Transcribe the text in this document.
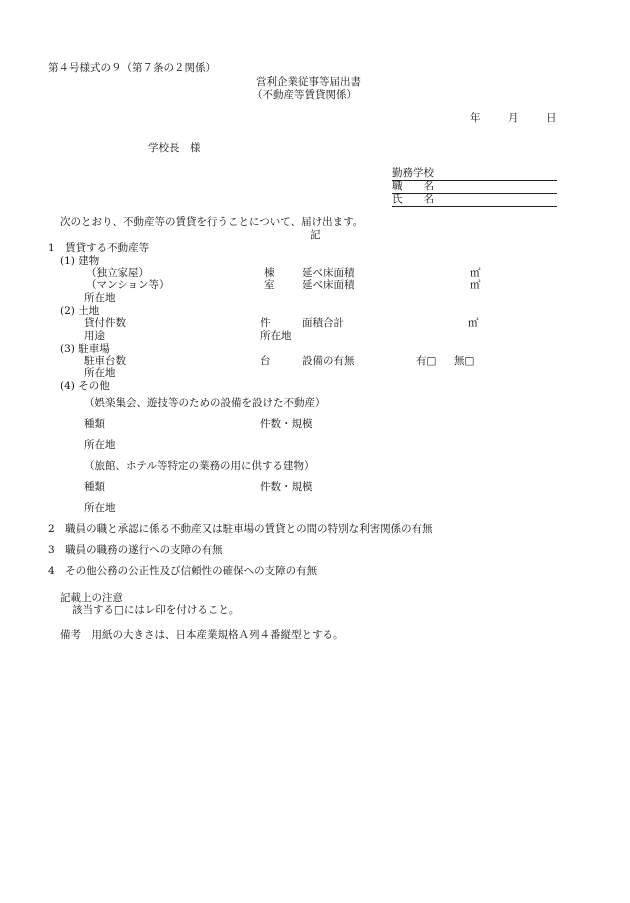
第４号様式の９（第７条の２関係）
営利企業従事等届出書
（不動産等賃貸関係）
年	月	日
学校長　様
勤務学校
職　　名
氏　　名
次のとおり、不動産等の賃貸を行うことについて、届け出ます。
記
1　賃貸する不動産等
(1) 建物
（独立家屋）	棟	延べ床面積	㎡
（マンション等）	室	延べ床面積	㎡
所在地
(2) 土地
貸付件数	件	面積合計	㎡
用途	所在地
(3) 駐車場
駐車台数	台	設備の有無	有□ 無□
所在地
(4) その他
（娯楽集会、遊技等のための設備を設けた不動産）
種類	件数・規模
所在地
（旅館、ホテル等特定の業務の用に供する建物）
種類	件数・規模
所在地
2　職員の職と承認に係る不動産又は駐車場の賃貸との間の特別な利害関係の有無
3　職員の職務の遂行への支障の有無
4　その他公務の公正性及び信頼性の確保への支障の有無
記載上の注意
該当する□にはレ印を付けること。
備考　用紙の大きさは、日本産業規格Ａ列４番縦型とする。
